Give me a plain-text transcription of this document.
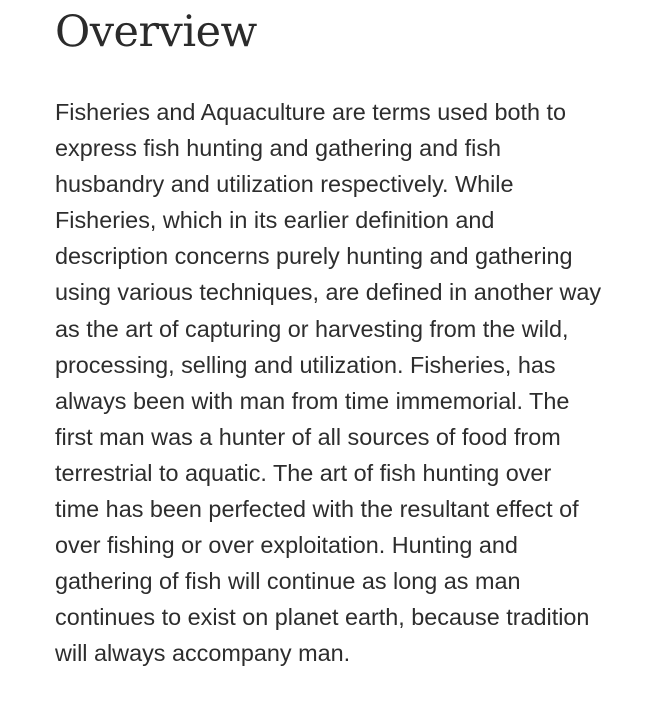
Overview

Fisheries and Aquaculture are terms used both to
express fish hunting and gathering and fish
husbandry and utilization respectively. While
Fisheries, which in its earlier definition and
description concerns purely hunting and gathering
using various techniques, are defined in another way
as the art of capturing or harvesting from the wild,
processing, selling and utilization. Fisheries, has
always been with man from time immemorial. The
first man was a hunter of all sources of food from
terrestrial to aquatic. The art of fish hunting over
time has been perfected with the resultant effect of
over fishing or over exploitation. Hunting and
gathering of fish will continue as long as man
continues to exist on planet earth, because tradition
will always accompany man.
